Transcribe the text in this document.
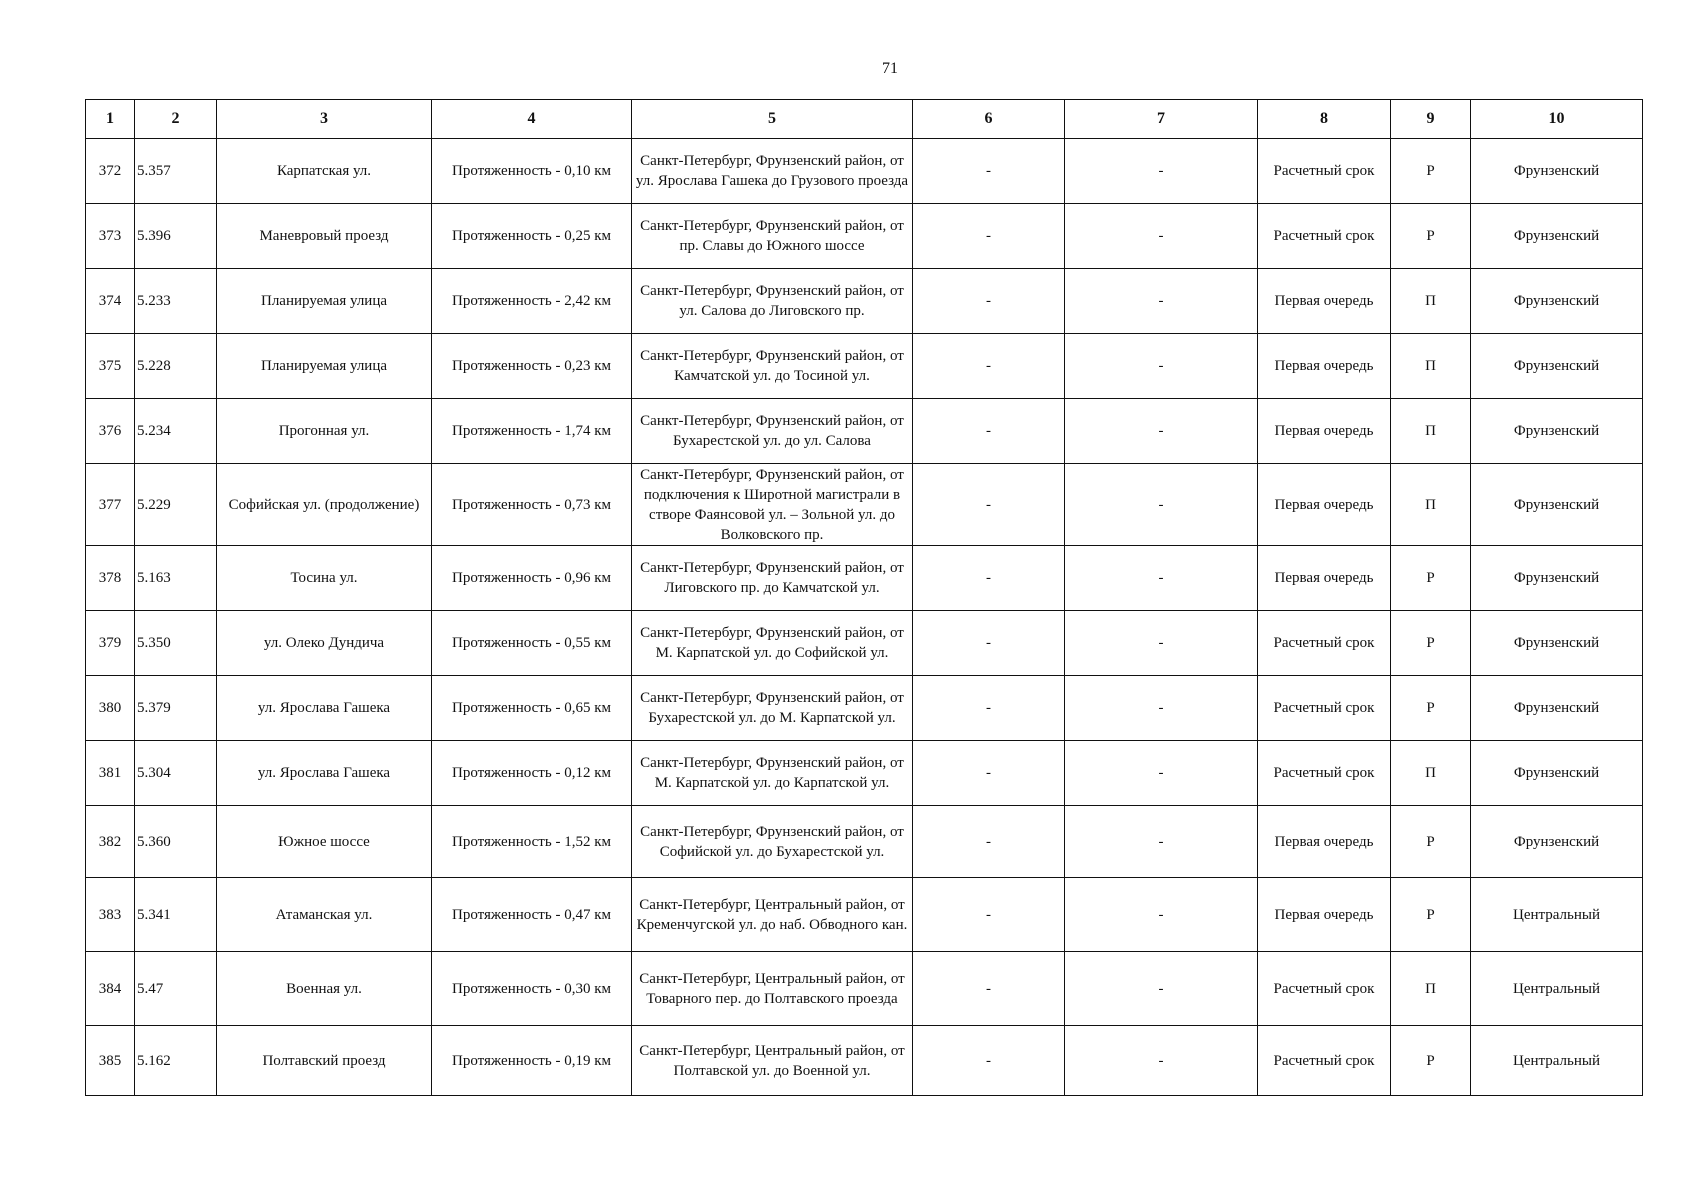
71
1	2	3	4	5	6	7	8	9	10
372	5.357	Карпатская ул.	Протяженность - 0,10 км	Санкт-Петербург, Фрунзенский район, от ул. Ярослава Гашека до Грузового проезда	-	-	Расчетный срок	Р	Фрунзенский
373	5.396	Маневровый проезд	Протяженность - 0,25 км	Санкт-Петербург, Фрунзенский район, от пр. Славы до Южного шоссе	-	-	Расчетный срок	Р	Фрунзенский
374	5.233	Планируемая улица	Протяженность - 2,42 км	Санкт-Петербург, Фрунзенский район, от ул. Салова до Лиговского пр.	-	-	Первая очередь	П	Фрунзенский
375	5.228	Планируемая улица	Протяженность - 0,23 км	Санкт-Петербург, Фрунзенский район, от Камчатской ул. до Тосиной ул.	-	-	Первая очередь	П	Фрунзенский
376	5.234	Прогонная ул.	Протяженность - 1,74 км	Санкт-Петербург, Фрунзенский район, от Бухарестской ул. до ул. Салова	-	-	Первая очередь	П	Фрунзенский
377	5.229	Софийская ул. (продолжение)	Протяженность - 0,73 км	Санкт-Петербург, Фрунзенский район, от подключения к Широтной магистрали в створе Фаянсовой ул. – Зольной ул. до Волковского пр.	-	-	Первая очередь	П	Фрунзенский
378	5.163	Тосина ул.	Протяженность - 0,96 км	Санкт-Петербург, Фрунзенский район, от Лиговского пр. до Камчатской ул.	-	-	Первая очередь	Р	Фрунзенский
379	5.350	ул. Олеко Дундича	Протяженность - 0,55 км	Санкт-Петербург, Фрунзенский район, от М. Карпатской ул. до Софийской ул.	-	-	Расчетный срок	Р	Фрунзенский
380	5.379	ул. Ярослава Гашека	Протяженность - 0,65 км	Санкт-Петербург, Фрунзенский район, от Бухарестской ул. до М. Карпатской ул.	-	-	Расчетный срок	Р	Фрунзенский
381	5.304	ул. Ярослава Гашека	Протяженность - 0,12 км	Санкт-Петербург, Фрунзенский район, от М. Карпатской ул. до Карпатской ул.	-	-	Расчетный срок	П	Фрунзенский
382	5.360	Южное шоссе	Протяженность - 1,52 км	Санкт-Петербург, Фрунзенский район, от Софийской ул. до Бухарестской ул.	-	-	Первая очередь	Р	Фрунзенский
383	5.341	Атаманская ул.	Протяженность - 0,47 км	Санкт-Петербург, Центральный район, от Кременчугской ул. до наб. Обводного кан.	-	-	Первая очередь	Р	Центральный
384	5.47	Военная ул.	Протяженность - 0,30 км	Санкт-Петербург, Центральный район, от Товарного пер. до Полтавского проезда	-	-	Расчетный срок	П	Центральный
385	5.162	Полтавский проезд	Протяженность - 0,19 км	Санкт-Петербург, Центральный район, от Полтавской ул. до Военной ул.	-	-	Расчетный срок	Р	Центральный
